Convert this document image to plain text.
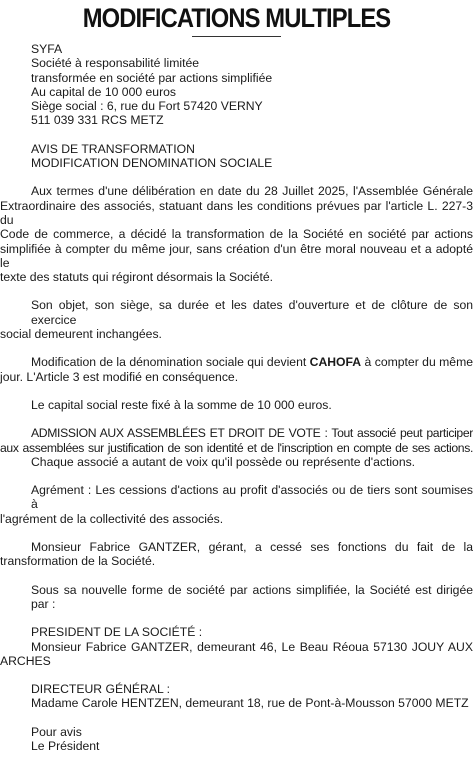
MODIFICATIONS MULTIPLES
SYFA
Société à responsabilité limitée
transformée en société par actions simplifiée
Au capital de 10 000 euros
Siège social : 6, rue du Fort 57420 VERNY
511 039 331 RCS METZ
AVIS DE TRANSFORMATION
MODIFICATION DENOMINATION SOCIALE
Aux termes d'une délibération en date du 28 Juillet 2025, l'Assemblée Générale
Extraordinaire des associés, statuant dans les conditions prévues par l'article L. 227-3 du
Code de commerce, a décidé la transformation de la Société en société par actions
simplifiée à compter du même jour, sans création d'un être moral nouveau et a adopté le
texte des statuts qui régiront désormais la Société.
Son objet, son siège, sa durée et les dates d'ouverture et de clôture de son exercice
social demeurent inchangées.
Modification de la dénomination sociale qui devient CAHOFA à compter du même
jour. L'Article 3 est modifié en conséquence.
Le capital social reste fixé à la somme de 10 000 euros.
ADMISSION AUX ASSEMBLÉES ET DROIT DE VOTE : Tout associé peut participer
aux assemblées sur justification de son identité et de l'inscription en compte de ses actions.
Chaque associé a autant de voix qu'il possède ou représente d'actions.
Agrément : Les cessions d'actions au profit d'associés ou de tiers sont soumises à
l'agrément de la collectivité des associés.
Monsieur Fabrice GANTZER, gérant, a cessé ses fonctions du fait de la
transformation de la Société.
Sous sa nouvelle forme de société par actions simplifiée, la Société est dirigée par :
PRESIDENT DE LA SOCIÉTÉ :
Monsieur Fabrice GANTZER, demeurant 46, Le Beau Réoua 57130 JOUY AUX
ARCHES
DIRECTEUR GÉNÉRAL :
Madame Carole HENTZEN, demeurant 18, rue de Pont-à-Mousson 57000 METZ
Pour avis
Le Président
